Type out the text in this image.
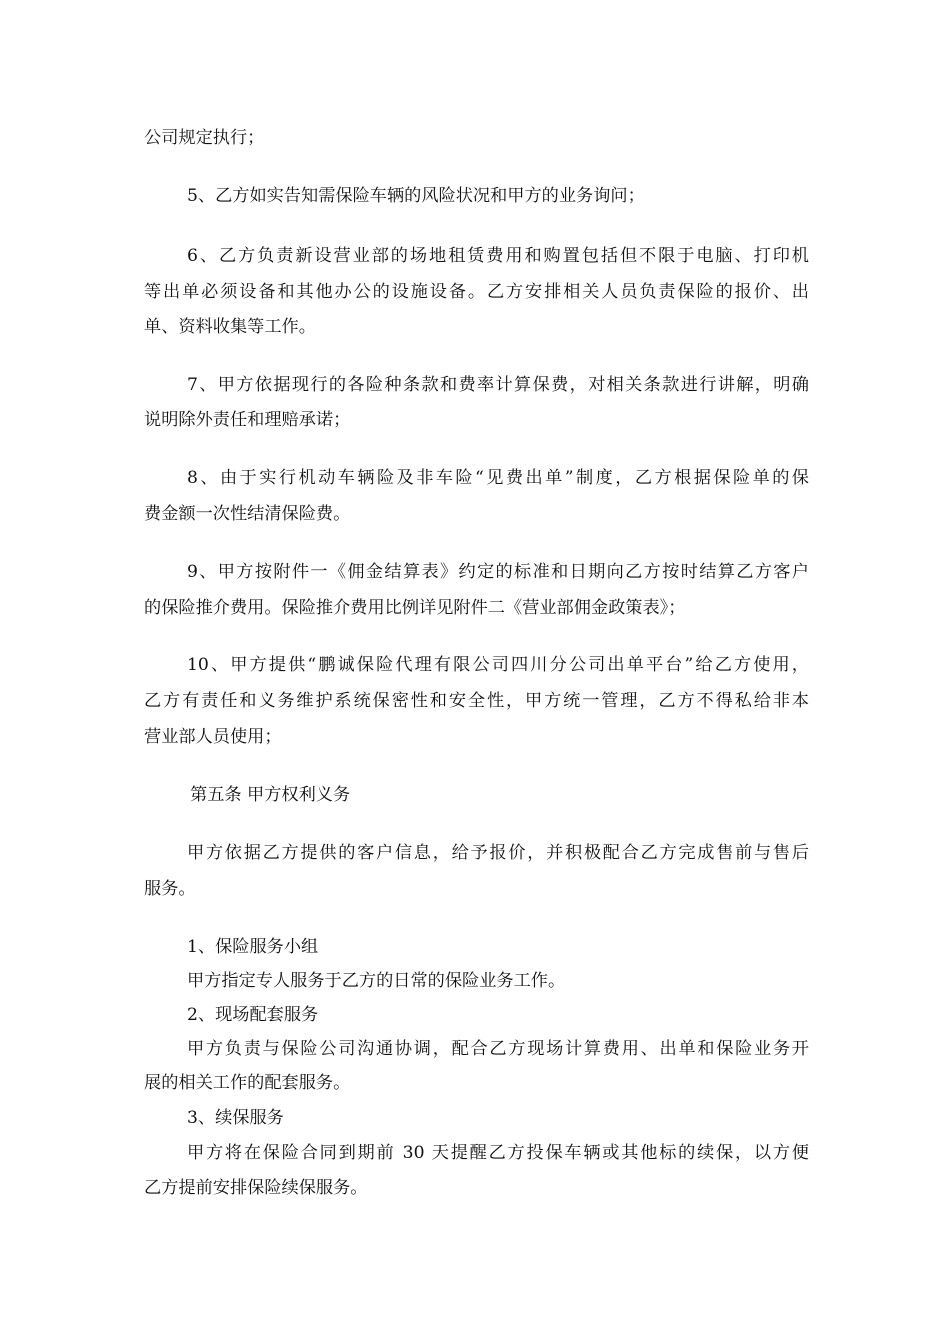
公司规定执行；
5、乙方如实告知需保险车辆的风险状况和甲方的业务询问；
6、乙方负责新设营业部的场地租赁费用和购置包括但不限于电脑、打印机
等出单必须设备和其他办公的设施设备。乙方安排相关人员负责保险的报价、出
单、资料收集等工作。
7、甲方依据现行的各险种条款和费率计算保费，对相关条款进行讲解，明确
说明除外责任和理赔承诺；
8、由于实行机动车辆险及非车险“见费出单”制度，乙方根据保险单的保
费金额一次性结清保险费。
9、甲方按附件一《佣金结算表》约定的标准和日期向乙方按时结算乙方客户
的保险推介费用。保险推介费用比例详见附件二《营业部佣金政策表》；
10、甲方提供“鹏诚保险代理有限公司四川分公司出单平台”给乙方使用，
乙方有责任和义务维护系统保密性和安全性，甲方统一管理，乙方不得私给非本
营业部人员使用；
第五条 甲方权利义务
甲方依据乙方提供的客户信息，给予报价，并积极配合乙方完成售前与售后
服务。
1、保险服务小组
甲方指定专人服务于乙方的日常的保险业务工作。
2、现场配套服务
甲方负责与保险公司沟通协调，配合乙方现场计算费用、出单和保险业务开
展的相关工作的配套服务。
3、续保服务
甲方将在保险合同到期前 30 天提醒乙方投保车辆或其他标的续保，以方便
乙方提前安排保险续保服务。
